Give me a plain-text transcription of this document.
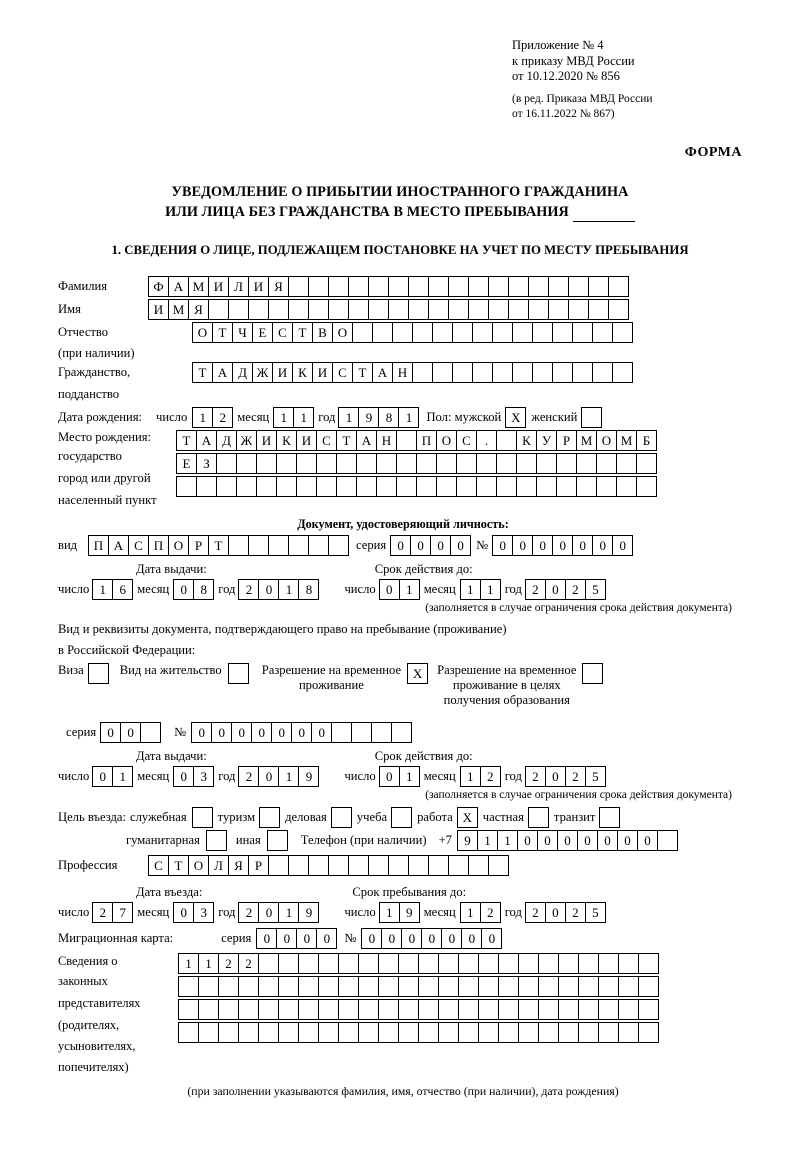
Приложение № 4
к приказу МВД России
от 10.12.2020 № 856
(в ред. Приказа МВД России
от 16.11.2022 № 867)
ФОРМА
УВЕДОМЛЕНИЕ О ПРИБЫТИИ ИНОСТРАННОГО ГРАЖДАНИНА
ИЛИ ЛИЦА БЕЗ ГРАЖДАНСТВА В МЕСТО ПРЕБЫВАНИЯ
1. СВЕДЕНИЯ О ЛИЦЕ, ПОДЛЕЖАЩЕМ ПОСТАНОВКЕ НА УЧЕТ ПО МЕСТУ ПРЕБЫВАНИЯ
Фамилия	Ф А М И Л И Я
Имя	И М Я
Отчество	О Т Ч Е С Т В О
(при наличии)
Гражданство,	Т А Д Ж И К И С Т А Н
подданство
Дата рождения: число 1	2 месяц 1	1 год 1	9	8	1	Пол: мужской X женский
Место рождения:
государство
город или другой
населенный пункт
Т А Д Ж И К И С Т А Н	П О С	.	К У Р М О М Б
Е З
Документ, удостоверяющий личность:
вид	П А С П О Р Т	серия 0	0	0	0 № 0	0	0	0	0	0	0
Дата выдачи:	Срок действия до:
число 1	6 месяц 0	8 год 2	0	1	8	число 0	1 месяц 1	1 год 2	0	2	5
(заполняется в случае ограничения срока действия документа)
Вид и реквизиты документа, подтверждающего право на пребывание (проживание)
в Российской Федерации:
Виза	Вид на жительство	Разрешение на временное
проживание
X	Разрешение на временное
проживание в целях
получения образования
серия 0	0	№ 0	0	0	0	0	0	0
Дата выдачи:	Срок действия до:
число 0	1 месяц 0	3 год 2	0	1	9	число 0	1 месяц 1	2 год 2	0	2	5
(заполняется в случае ограничения срока действия документа)
Цель въезда: служебная туризм деловая учеба работа X частная транзит
гуманитарная	иная	Телефон (при наличии) +7 9	1	1	0	0	0	0	0	0	0
Профессия	С Т О Л Я Р
Дата въезда:	Срок пребывания до:
число 2	7 месяц 0	3 год 2	0	1	9	число 1	9 месяц 1	2 год 2	0	2	5
Миграционная карта:	серия 0	0	0	0	№ 0	0	0	0	0	0	0
Сведения о
законных
представителях
(родителях,
усыновителях,
попечителях)
1	1	2	2
(при заполнении указываются фамилия, имя, отчество (при наличии), дата рождения)
